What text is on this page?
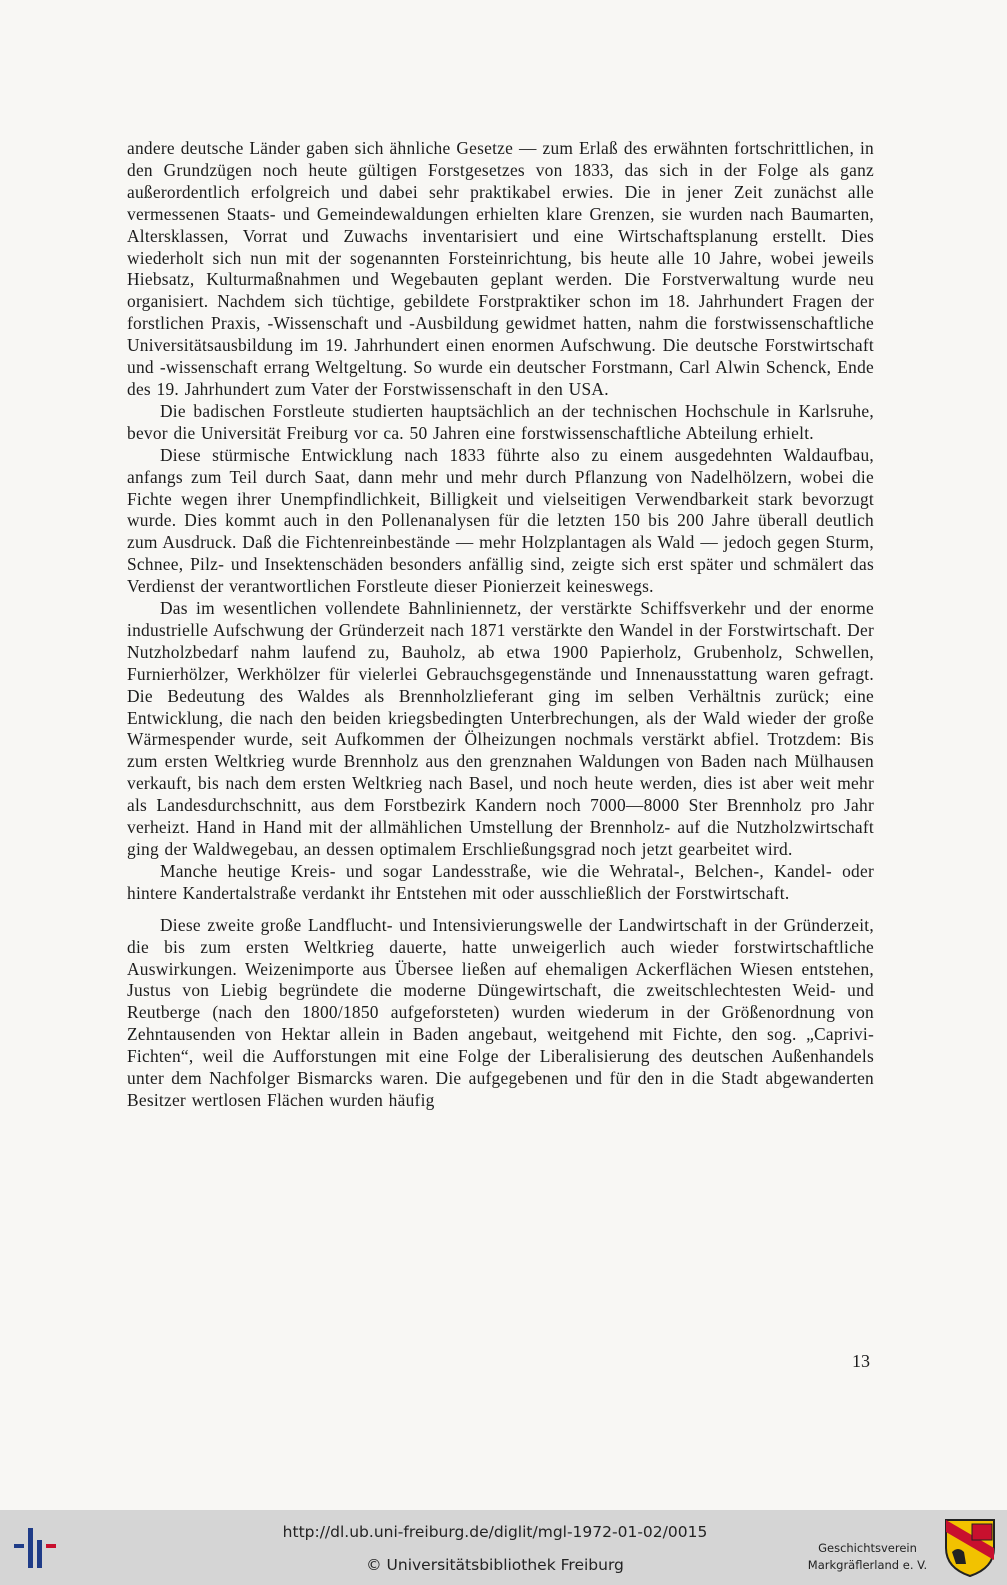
andere deutsche Länder gaben sich ähnliche Gesetze — zum Erlaß des erwähnten fortschrittlichen, in den Grundzügen noch heute gültigen Forstgesetzes von 1833, das sich in der Folge als ganz außerordentlich erfolgreich und dabei sehr praktikabel erwies. Die in jener Zeit zunächst alle vermessenen Staats- und Gemeindewaldungen erhielten klare Grenzen, sie wurden nach Baumarten, Altersklassen, Vorrat und Zuwachs inventarisiert und eine Wirtschaftsplanung erstellt. Dies wiederholt sich nun mit der sogenannten Forsteinrichtung, bis heute alle 10 Jahre, wobei jeweils Hiebsatz, Kulturmaßnahmen und Wegebauten geplant werden. Die Forstverwaltung wurde neu organisiert. Nachdem sich tüchtige, gebildete Forstpraktiker schon im 18. Jahrhundert Fragen der forstlichen Praxis, -Wissenschaft und -Ausbildung gewidmet hatten, nahm die forstwissenschaftliche Universitätsausbildung im 19. Jahrhundert einen enormen Aufschwung. Die deutsche Forstwirtschaft und -wissenschaft errang Weltgeltung. So wurde ein deutscher Forstmann, Carl Alwin Schenck, Ende des 19. Jahrhundert zum Vater der Forstwissenschaft in den USA.

Die badischen Forstleute studierten hauptsächlich an der technischen Hochschule in Karlsruhe, bevor die Universität Freiburg vor ca. 50 Jahren eine forstwissenschaftliche Abteilung erhielt.

Diese stürmische Entwicklung nach 1833 führte also zu einem ausgedehnten Waldaufbau, anfangs zum Teil durch Saat, dann mehr und mehr durch Pflanzung von Nadelhölzern, wobei die Fichte wegen ihrer Unempfindlichkeit, Billigkeit und vielseitigen Verwendbarkeit stark bevorzugt wurde. Dies kommt auch in den Pollenanalysen für die letzten 150 bis 200 Jahre überall deutlich zum Ausdruck. Daß die Fichtenreinbestände — mehr Holzplantagen als Wald — jedoch gegen Sturm, Schnee, Pilz- und Insektenschäden besonders anfällig sind, zeigte sich erst später und schmälert das Verdienst der verantwortlichen Forstleute dieser Pionierzeit keineswegs.

Das im wesentlichen vollendete Bahnliniennetz, der verstärkte Schiffsverkehr und der enorme industrielle Aufschwung der Gründerzeit nach 1871 verstärkte den Wandel in der Forstwirtschaft. Der Nutzholzbedarf nahm laufend zu, Bauholz, ab etwa 1900 Papierholz, Grubenholz, Schwellen, Furnierhölzer, Werkhölzer für vielerlei Gebrauchsgegenstände und Innenausstattung waren gefragt. Die Bedeutung des Waldes als Brennholzlieferant ging im selben Verhältnis zurück; eine Entwicklung, die nach den beiden kriegsbedingten Unterbrechungen, als der Wald wieder der große Wärmespender wurde, seit Aufkommen der Ölheizungen nochmals verstärkt abfiel. Trotzdem: Bis zum ersten Weltkrieg wurde Brennholz aus den grenznahen Waldungen von Baden nach Mülhausen verkauft, bis nach dem ersten Weltkrieg nach Basel, und noch heute werden, dies ist aber weit mehr als Landesdurchschnitt, aus dem Forstbezirk Kandern noch 7000—8000 Ster Brennholz pro Jahr verheizt. Hand in Hand mit der allmählichen Umstellung der Brennholz- auf die Nutzholzwirtschaft ging der Waldwegebau, an dessen optimalem Erschließungsgrad noch jetzt gearbeitet wird.

Manche heutige Kreis- und sogar Landesstraße, wie die Wehratal-, Belchen-, Kandel- oder hintere Kandertalstraße verdankt ihr Entstehen mit oder ausschließlich der Forstwirtschaft.

Diese zweite große Landflucht- und Intensivierungswelle der Landwirtschaft in der Gründerzeit, die bis zum ersten Weltkrieg dauerte, hatte unweigerlich auch wieder forstwirtschaftliche Auswirkungen. Weizenimporte aus Übersee ließen auf ehemaligen Ackerflächen Wiesen entstehen, Justus von Liebig begründete die moderne Düngewirtschaft, die zweitschlechtesten Weid- und Reutberge (nach den 1800/1850 aufgeforsteten) wurden wiederum in der Größenordnung von Zehntausenden von Hektar allein in Baden angebaut, weitgehend mit Fichte, den sog. „Caprivi-Fichten“, weil die Aufforstungen mit eine Folge der Liberalisierung des deutschen Außenhandels unter dem Nachfolger Bismarcks waren. Die aufgegebenen und für den in die Stadt abgewanderten Besitzer wertlosen Flächen wurden häufig

13
http://dl.ub.uni-freiburg.de/diglit/mgl-1972-01-02/0015
© Universitätsbibliothek Freiburg
Geschichtsverein
Markgräflerland e. V.
